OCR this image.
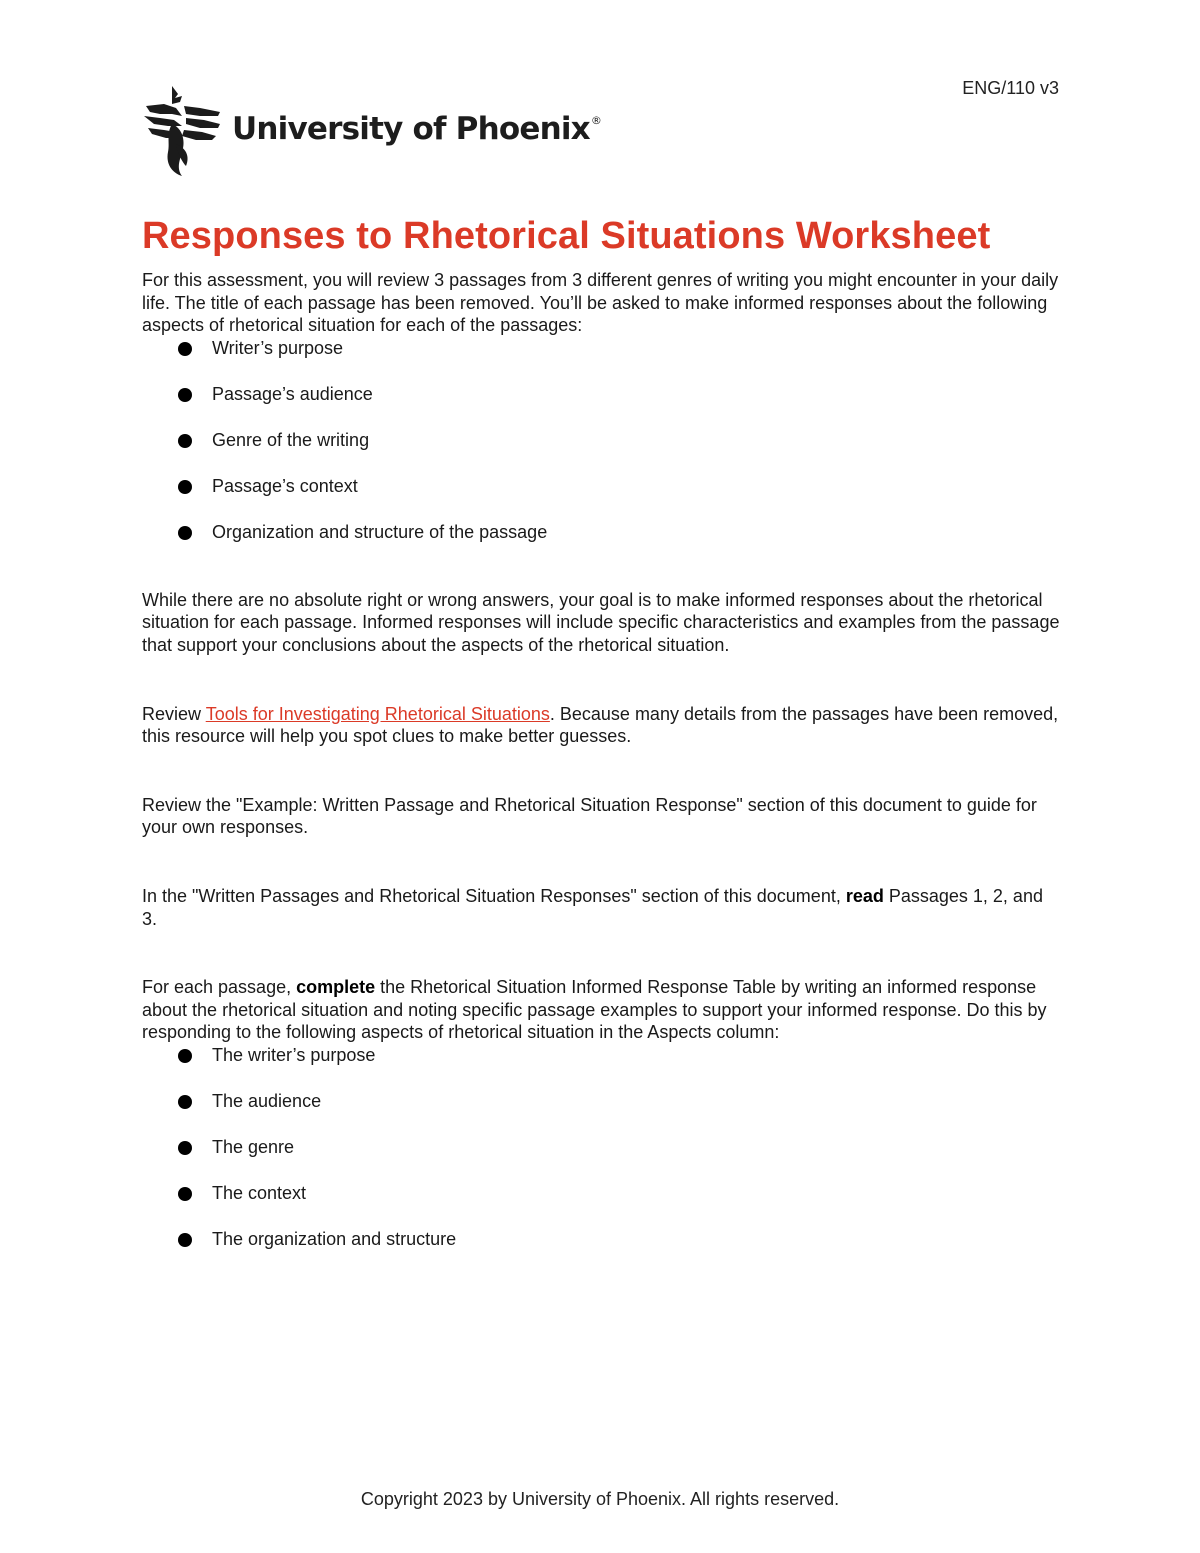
ENG/110 v3
University of Phoenix®
Responses to Rhetorical Situations Worksheet

For this assessment, you will review 3 passages from 3 different genres of writing you might encounter in your daily life. The title of each passage has been removed. You’ll be asked to make informed responses about the following aspects of rhetorical situation for each of the passages:

Writer’s purpose
Passage’s audience
Genre of the writing
Passage’s context
Organization and structure of the passage

While there are no absolute right or wrong answers, your goal is to make informed responses about the rhetorical situation for each passage. Informed responses will include specific characteristics and examples from the passage that support your conclusions about the aspects of the rhetorical situation.

Review Tools for Investigating Rhetorical Situations. Because many details from the passages have been removed, this resource will help you spot clues to make better guesses.

Review the "Example: Written Passage and Rhetorical Situation Response" section of this document to guide for your own responses.

In the "Written Passages and Rhetorical Situation Responses" section of this document, read Passages 1, 2, and 3.

For each passage, complete the Rhetorical Situation Informed Response Table by writing an informed response about the rhetorical situation and noting specific passage examples to support your informed response. Do this by responding to the following aspects of rhetorical situation in the Aspects column:

The writer’s purpose
The audience
The genre
The context
The organization and structure
Copyright 2023 by University of Phoenix. All rights reserved.
